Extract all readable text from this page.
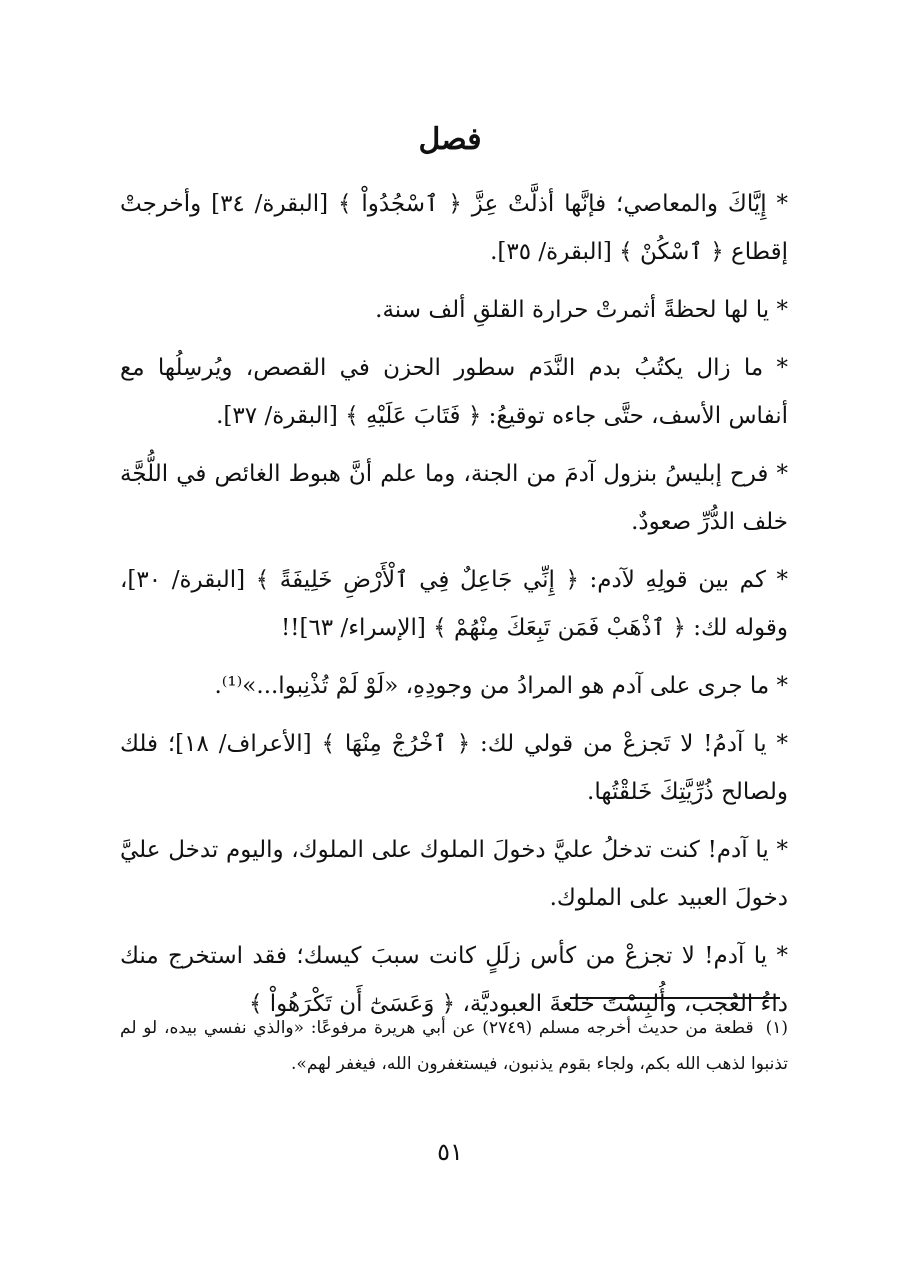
فصل

* إِيَّاكَ والمعاصي؛ فإنَّها أذلَّتْ عِزَّ ﴿ ٱسْجُدُواْ ﴾ [البقرة/ ٣٤] وأخرجتْ إقطاع ﴿ ٱسْكُنْ ﴾ [البقرة/ ٣٥].

* يا لها لحظةً أثمرتْ حرارة القلقِ ألف سنة.

* ما زال يكتُبُ بدم النَّدَم سطور الحزن في القصص، ويُرسِلُها مع أنفاس الأسف، حتَّى جاءه توقيعُ: ﴿ فَتَابَ عَلَيْهِ ﴾ [البقرة/ ٣٧].

* فرح إبليسُ بنزول آدمَ من الجنة، وما علم أنَّ هبوط الغائص في اللُّجَّة خلف الدُّرِّ صعودٌ.

* كم بين قولِهِ لآدم: ﴿ إِنِّي جَاعِلٌ فِي ٱلْأَرْضِ خَلِيفَةً ﴾ [البقرة/ ٣٠]، وقوله لك: ﴿ ٱذْهَبْ فَمَن تَبِعَكَ مِنْهُمْ ﴾ [الإسراء/ ٦٣]!!

* ما جرى على آدم هو المرادُ من وجودِهِ، «لَوْ لَمْ تُذْنِبوا...»⁽¹⁾.

* يا آدمُ! لا تَجزعْ من قولي لك: ﴿ ٱخْرُجْ مِنْهَا ﴾ [الأعراف/ ١٨]؛ فلك ولصالح ذُرِّيَّتِكَ خَلقْتُها.

* يا آدم! كنت تدخلُ عليَّ دخولَ الملوك على الملوك، واليوم تدخل عليَّ دخولَ العبيد على الملوك.

* يا آدم! لا تجزعْ من كأس زلَلٍ كانت سببَ كيسك؛ فقد استخرج منك داءُ العُجب، وأُلبِسْتَ خلعةَ العبوديَّة، ﴿ وَعَسَىٰٓ أَن تَكْرَهُواْ ﴾

(١)قطعة من حديث أخرجه مسلم (٢٧٤٩) عن أبي هريرة مرفوعًا: «والذي نفسي بيده، لو لم تذنبوا لذهب الله بكم، ولجاء بقوم يذنبون، فيستغفرون الله، فيغفر لهم».
٥١
